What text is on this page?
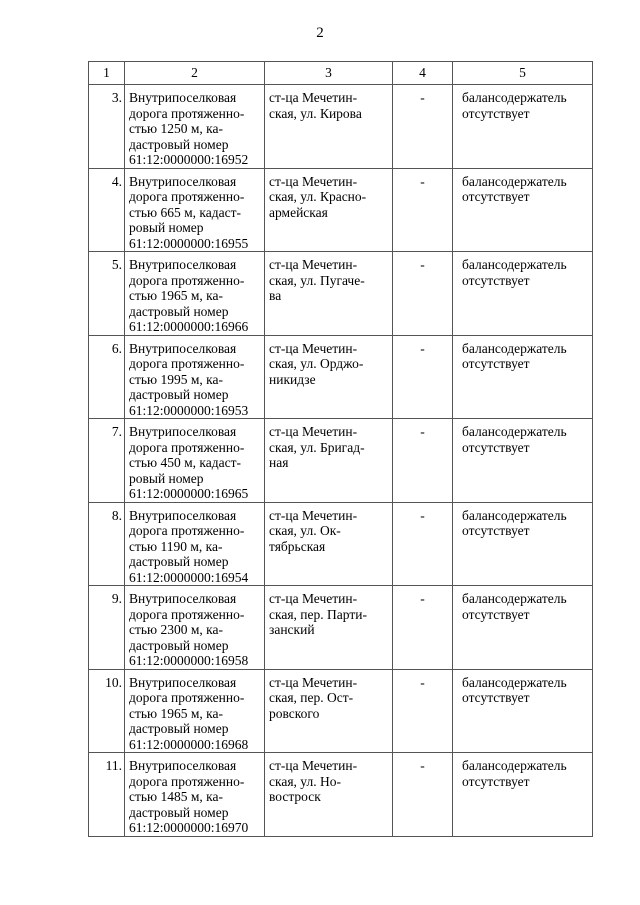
2
1	2	3	4	5

3.	Внутрипоселковая
дорога протяженно-
стью 1250 м, ка-
дастровый номер
61:12:0000000:16952	ст-ца Мечетин-
ская, ул. Кирова	-	балансодержатель
отсутствует

4.	Внутрипоселковая
дорога протяженно-
стью 665 м, кадаст-
ровый номер
61:12:0000000:16955	ст-ца Мечетин-
ская, ул. Красно-
армейская	-	балансодержатель
отсутствует

5.	Внутрипоселковая
дорога протяженно-
стью 1965 м, ка-
дастровый номер
61:12:0000000:16966	ст-ца Мечетин-
ская, ул. Пугаче-
ва	-	балансодержатель
отсутствует

6.	Внутрипоселковая
дорога протяженно-
стью 1995 м, ка-
дастровый номер
61:12:0000000:16953	ст-ца Мечетин-
ская, ул. Орджо-
никидзе	-	балансодержатель
отсутствует

7.	Внутрипоселковая
дорога протяженно-
стью 450 м, кадаст-
ровый номер
61:12:0000000:16965	ст-ца Мечетин-
ская, ул. Бригад-
ная	-	балансодержатель
отсутствует

8.	Внутрипоселковая
дорога протяженно-
стью 1190 м, ка-
дастровый номер
61:12:0000000:16954	ст-ца Мечетин-
ская, ул. Ок-
тябрьская	-	балансодержатель
отсутствует

9.	Внутрипоселковая
дорога протяженно-
стью 2300 м, ка-
дастровый номер
61:12:0000000:16958	ст-ца Мечетин-
ская, пер. Парти-
занский	-	балансодержатель
отсутствует

10.	Внутрипоселковая
дорога протяженно-
стью 1965 м, ка-
дастровый номер
61:12:0000000:16968	ст-ца Мечетин-
ская, пер. Ост-
ровского	-	балансодержатель
отсутствует

11.	Внутрипоселковая
дорога протяженно-
стью 1485 м, ка-
дастровый номер
61:12:0000000:16970	ст-ца Мечетин-
ская, ул. Но-
востроск	-	балансодержатель
отсутствует
